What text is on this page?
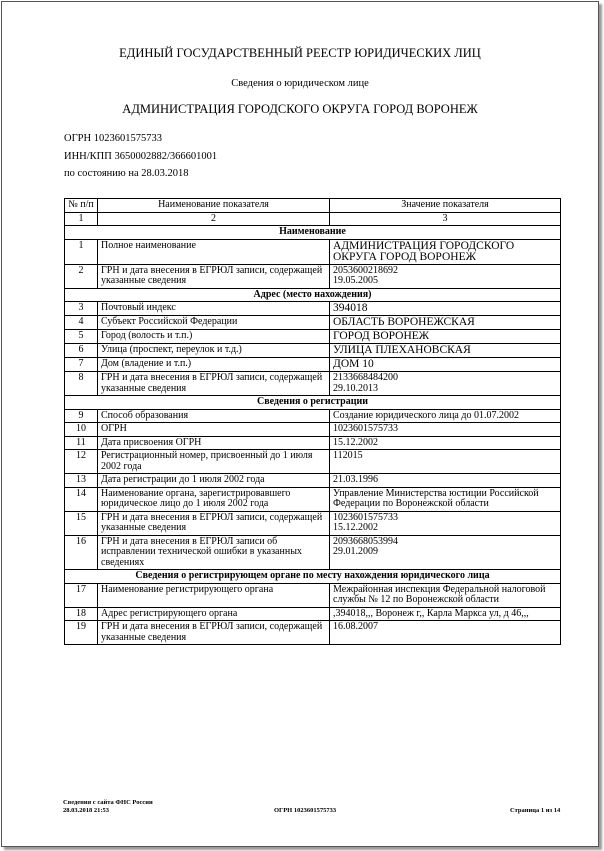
ЕДИНЫЙ ГОСУДАРСТВЕННЫЙ РЕЕСТР ЮРИДИЧЕСКИХ ЛИЦ
Сведения о юридическом лице
АДМИНИСТРАЦИЯ ГОРОДСКОГО ОКРУГА ГОРОД ВОРОНЕЖ
ОГРН 1023601575733
ИНН/КПП 3650002882/366601001
по состоянию на 28.03.2018
№ п/п	Наименование показателя	Значение показателя
1	2	3
Наименование		
1	Полное наименование	АДМИНИСТРАЦИЯ ГОРОДСКОГО ОКРУГА ГОРОД ВОРОНЕЖ
2	ГРН и дата внесения в ЕГРЮЛ записи, содержащей указанные сведения	2053600218692
19.05.2005
Адрес (место нахождения)		
3	Почтовый индекс	394018
4	Субъект Российской Федерации	ОБЛАСТЬ ВОРОНЕЖСКАЯ
5	Город (волость и т.п.)	ГОРОД ВОРОНЕЖ
6	Улица (проспект, переулок и т.д.)	УЛИЦА ПЛЕХАНОВСКАЯ
7	Дом (владение и т.п.)	ДОМ 10
8	ГРН и дата внесения в ЕГРЮЛ записи, содержащей указанные сведения	2133668484200
29.10.2013
Сведения о регистрации		
9	Способ образования	Создание юридического лица до 01.07.2002
10	ОГРН	1023601575733
11	Дата присвоения ОГРН	15.12.2002
12	Регистрационный номер, присвоенный до 1 июля 2002 года	112015
13	Дата регистрации до 1 июля 2002 года	21.03.1996
14	Наименование органа, зарегистрировавшего юридическое лицо до 1 июля 2002 года	Управление Министерства юстиции Российской Федерации по Воронежской области
15	ГРН и дата внесения в ЕГРЮЛ записи, содержащей указанные сведения	1023601575733
15.12.2002
16	ГРН и дата внесения в ЕГРЮЛ записи об исправлении технической ошибки в указанных сведениях	2093668053994
29.01.2009
Сведения о регистрирующем органе по месту нахождения юридического лица		
17	Наименование регистрирующего органа	Межрайонная инспекция Федеральной налоговой службы № 12 по Воронежской области
18	Адрес регистрирующего органа	,394018,,, Воронеж г,, Карла Маркса ул, д 46,,,
19	ГРН и дата внесения в ЕГРЮЛ записи, содержащей указанные сведения	16.08.2007
Сведения с сайта ФНС России
28.03.2018 21:53	ОГРН 1023601575733	Страница 1 из 14
